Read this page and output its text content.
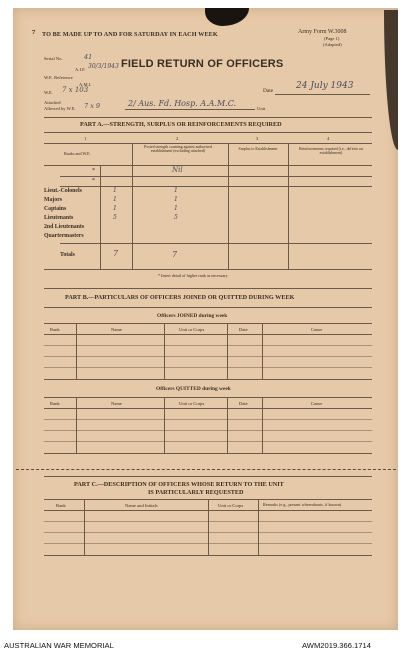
7 TO BE MADE UP TO AND FOR SATURDAY IN EACH WEEK	Army Form W.3008
(Page 1)
(Adapted)
FIELD RETURN OF OFFICERS
Serial No.	41
A.I.F. 30/3/1943
W.E. Reference
A.M.I.
W.E. 7 x 103
Attached
Allowed by W.E. 7 x 9
Date	24 July 1943
2/ Aus. Fd. Hosp. A.A.M.C.
Unit
PART A.—STRENGTH, SURPLUS OR REINFORCEMENTS REQUIRED
1	2	3	4
Ranks and W.E.
Posted strength counting against authorised establishment (excluding attached)
Surplus to Establishment	Reinforcements required (i.e., deficits on establishment)
*	Nil
*
Lieut.-Colonels	1	1
Majors	1	1
Captains	1	1
Lieutenants	5	5
2nd Lieutenants
Quartermasters
Totals	7	7
* Insert detail of higher rank as necessary
PART B.—PARTICULARS OF OFFICERS JOINED OR QUITTED DURING WEEK
Officers JOINED during week
Rank	Name	Unit or Corps	Date	Cause
Officers QUITTED during week
Rank	Name	Unit or Corps	Date	Cause
PART C.—DESCRIPTION OF OFFICERS WHOSE RETURN TO THE UNIT
IS PARTICULARLY REQUESTED
Rank	Name and Initials	Unit or Corps	Remarks (e.g., present whereabouts, if known)
AUSTRALIAN WAR MEMORIAL	AWM2019.366.1714
